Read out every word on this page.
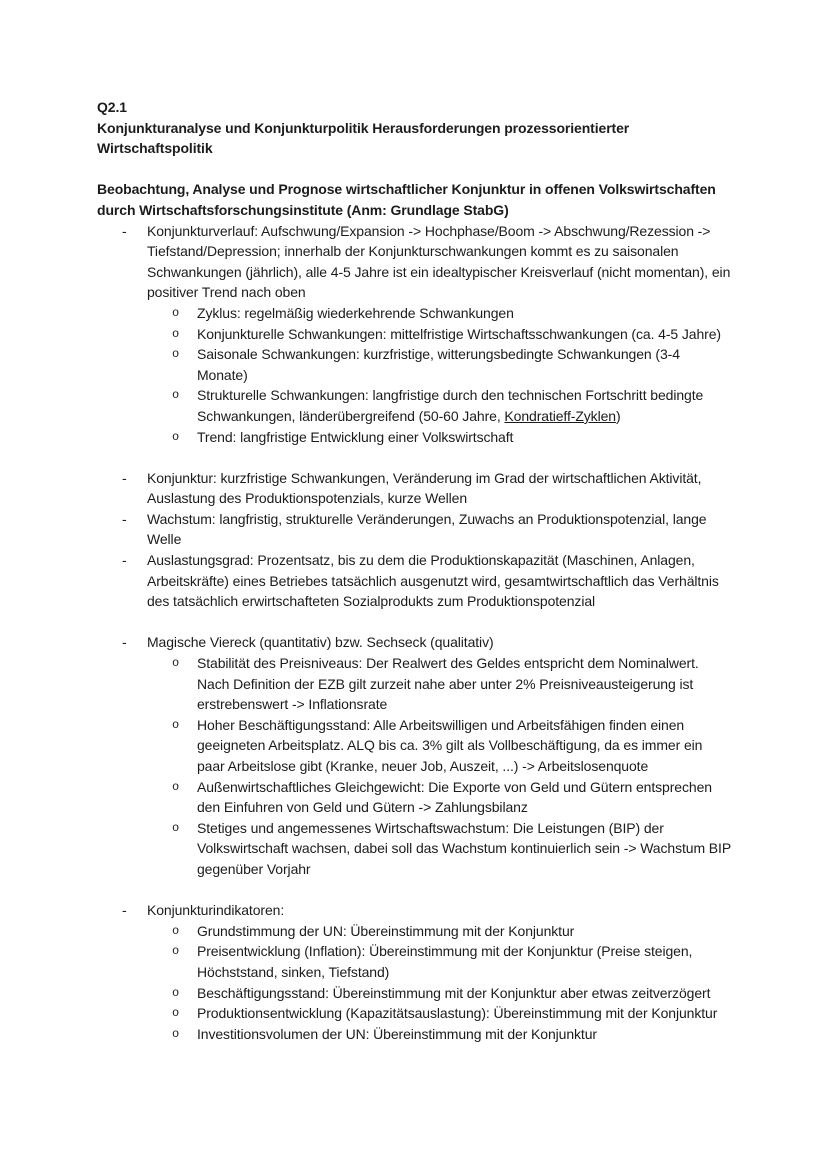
Q2.1
Konjunkturanalyse und Konjunkturpolitik Herausforderungen prozessorientierter Wirtschaftspolitik
Beobachtung, Analyse und Prognose wirtschaftlicher Konjunktur in offenen Volkswirtschaften durch Wirtschaftsforschungsinstitute (Anm: Grundlage StabG)
-	Konjunkturverlauf: Aufschwung/Expansion -> Hochphase/Boom -> Abschwung/Rezession -> Tiefstand/Depression; innerhalb der Konjunkturschwankungen kommt es zu saisonalen Schwankungen (jährlich), alle 4-5 Jahre ist ein idealtypischer Kreisverlauf (nicht momentan), ein positiver Trend nach oben
o	Zyklus: regelmäßig wiederkehrende Schwankungen
o	Konjunkturelle Schwankungen: mittelfristige Wirtschaftsschwankungen (ca. 4-5 Jahre)
o	Saisonale Schwankungen: kurzfristige, witterungsbedingte Schwankungen (3-4 Monate)
o	Strukturelle Schwankungen: langfristige durch den technischen Fortschritt bedingte Schwankungen, länderübergreifend (50-60 Jahre, Kondratieff-Zyklen)
o	Trend: langfristige Entwicklung einer Volkswirtschaft
-	Konjunktur: kurzfristige Schwankungen, Veränderung im Grad der wirtschaftlichen Aktivität, Auslastung des Produktionspotenzials, kurze Wellen
-	Wachstum: langfristig, strukturelle Veränderungen, Zuwachs an Produktionspotenzial, lange Welle
-	Auslastungsgrad: Prozentsatz, bis zu dem die Produktionskapazität (Maschinen, Anlagen, Arbeitskräfte) eines Betriebes tatsächlich ausgenutzt wird, gesamtwirtschaftlich das Verhältnis des tatsächlich erwirtschafteten Sozialprodukts zum Produktionspotenzial
-	Magische Viereck (quantitativ) bzw. Sechseck (qualitativ)
o	Stabilität des Preisniveaus: Der Realwert des Geldes entspricht dem Nominalwert. Nach Definition der EZB gilt zurzeit nahe aber unter 2% Preisniveausteigerung ist erstrebenswert -> Inflationsrate
o	Hoher Beschäftigungsstand: Alle Arbeitswilligen und Arbeitsfähigen finden einen geeigneten Arbeitsplatz. ALQ bis ca. 3% gilt als Vollbeschäftigung, da es immer ein paar Arbeitslose gibt (Kranke, neuer Job, Auszeit, ...) -> Arbeitslosenquote
o	Außenwirtschaftliches Gleichgewicht: Die Exporte von Geld und Gütern entsprechen den Einfuhren von Geld und Gütern -> Zahlungsbilanz
o	Stetiges und angemessenes Wirtschaftswachstum: Die Leistungen (BIP) der Volkswirtschaft wachsen, dabei soll das Wachstum kontinuierlich sein -> Wachstum BIP gegenüber Vorjahr
-	Konjunkturindikatoren:
o	Grundstimmung der UN: Übereinstimmung mit der Konjunktur
o	Preisentwicklung (Inflation): Übereinstimmung mit der Konjunktur (Preise steigen, Höchststand, sinken, Tiefstand)
o	Beschäftigungsstand: Übereinstimmung mit der Konjunktur aber etwas zeitverzögert
o	Produktionsentwicklung (Kapazitätsauslastung): Übereinstimmung mit der Konjunktur
o	Investitionsvolumen der UN: Übereinstimmung mit der Konjunktur
